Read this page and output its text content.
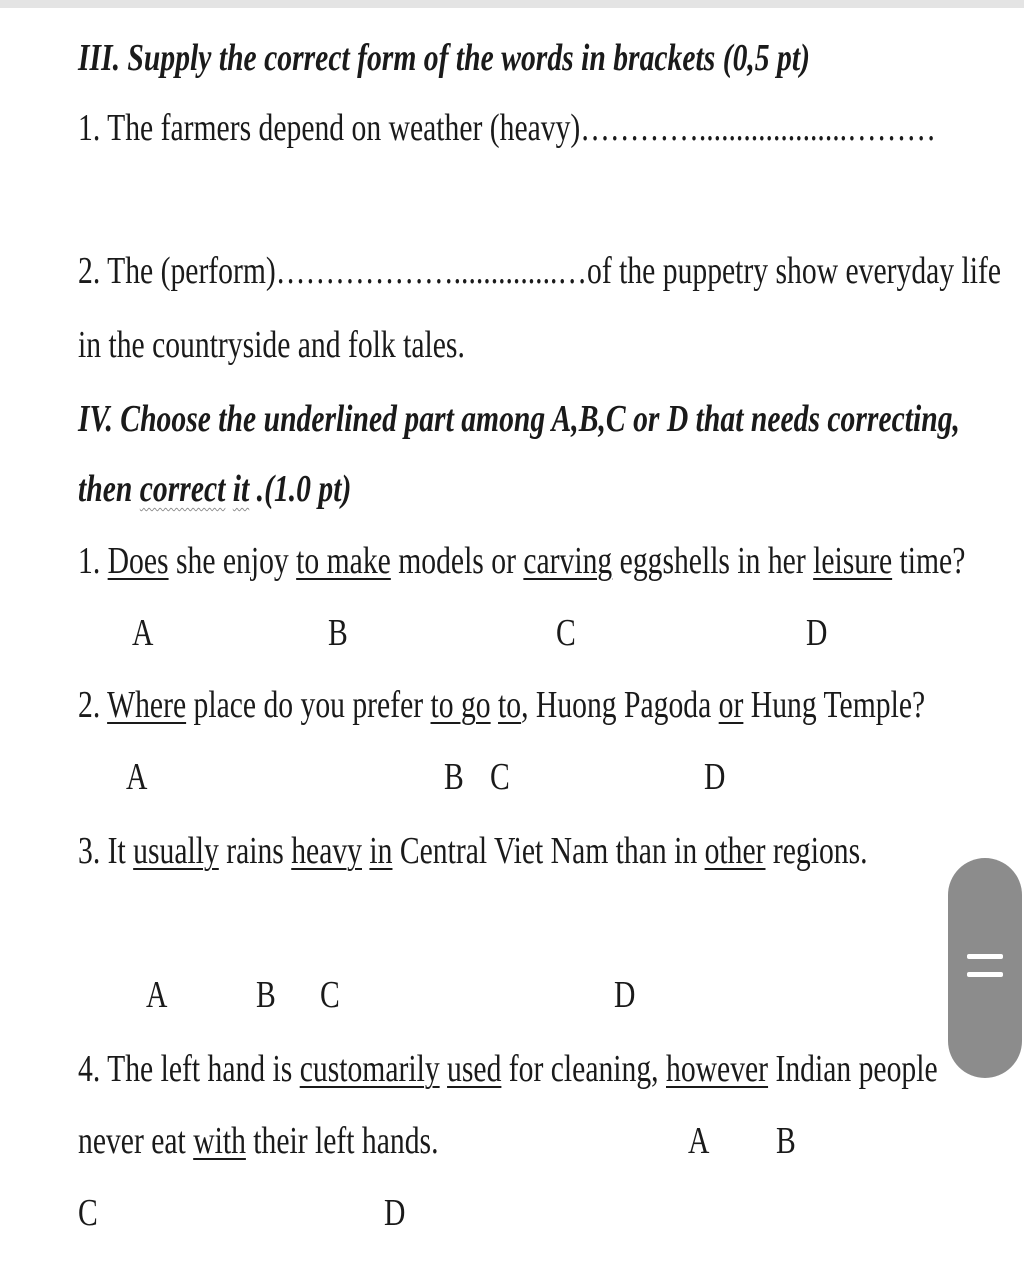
III. Supply the correct form of the words in brackets (0,5 pt)
1. The farmers depend on weather (heavy)…………....................………
2. The (perform)………………..............…of the puppetry show everyday life
in the countryside and folk tales.
IV. Choose the underlined part among A,B,C or D that needs correcting,
then correct it .(1.0 pt)
1. Does she enjoy to make models or carving eggshells in her leisure time?
A	B	C	D
2. Where place do you prefer to go to, Huong Pagoda or Hung Temple?
A	B C	D
3. It usually rains heavy in Central Viet Nam than in other regions.
A B C	D
4. The left hand is customarily used for cleaning, however Indian people
never eat with their left hands.	A B
C	D
